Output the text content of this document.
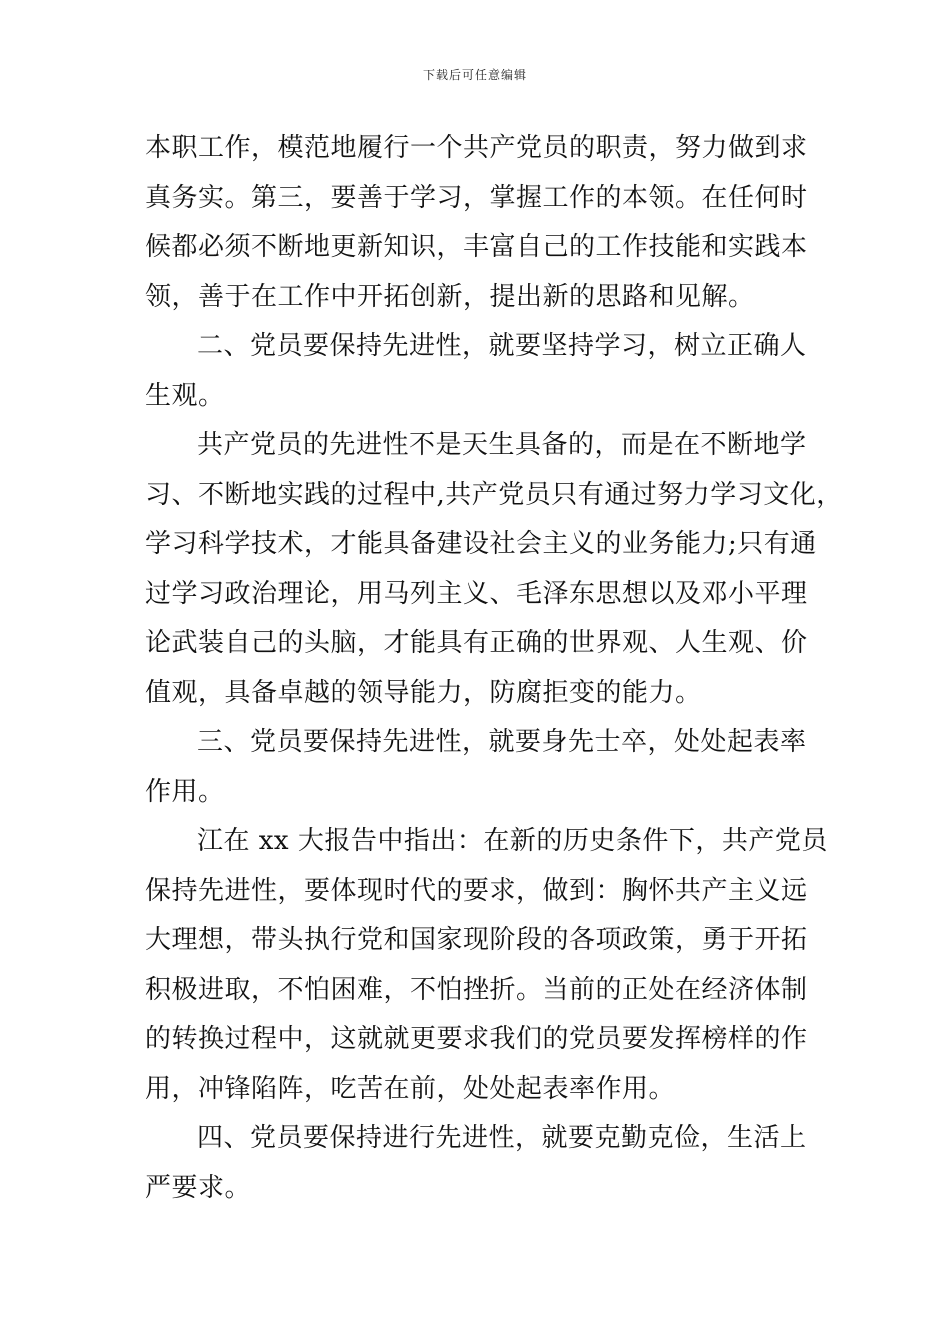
下载后可任意编辑
本职工作，模范地履行一个共产党员的职责，努力做到求
真务实。第三，要善于学习，掌握工作的本领。在任何时
候都必须不断地更新知识，丰富自己的工作技能和实践本
领，善于在工作中开拓创新，提出新的思路和见解。
二、党员要保持先进性，就要坚持学习，树立正确人
生观。
共产党员的先进性不是天生具备的，而是在不断地学
习、不断地实践的过程中,共产党员只有通过努力学习文化，
学习科学技术，才能具备建设社会主义的业务能力;只有通
过学习政治理论，用马列主义、毛泽东思想以及邓小平理
论武装自己的头脑，才能具有正确的世界观、人生观、价
值观，具备卓越的领导能力，防腐拒变的能力。
三、党员要保持先进性，就要身先士卒，处处起表率
作用。
江在 xx 大报告中指出：在新的历史条件下，共产党员
保持先进性，要体现时代的要求，做到：胸怀共产主义远
大理想，带头执行党和国家现阶段的各项政策，勇于开拓
积极进取，不怕困难，不怕挫折。当前的正处在经济体制
的转换过程中，这就就更要求我们的党员要发挥榜样的作
用，冲锋陷阵，吃苦在前，处处起表率作用。
四、党员要保持进行先进性，就要克勤克俭，生活上
严要求。
